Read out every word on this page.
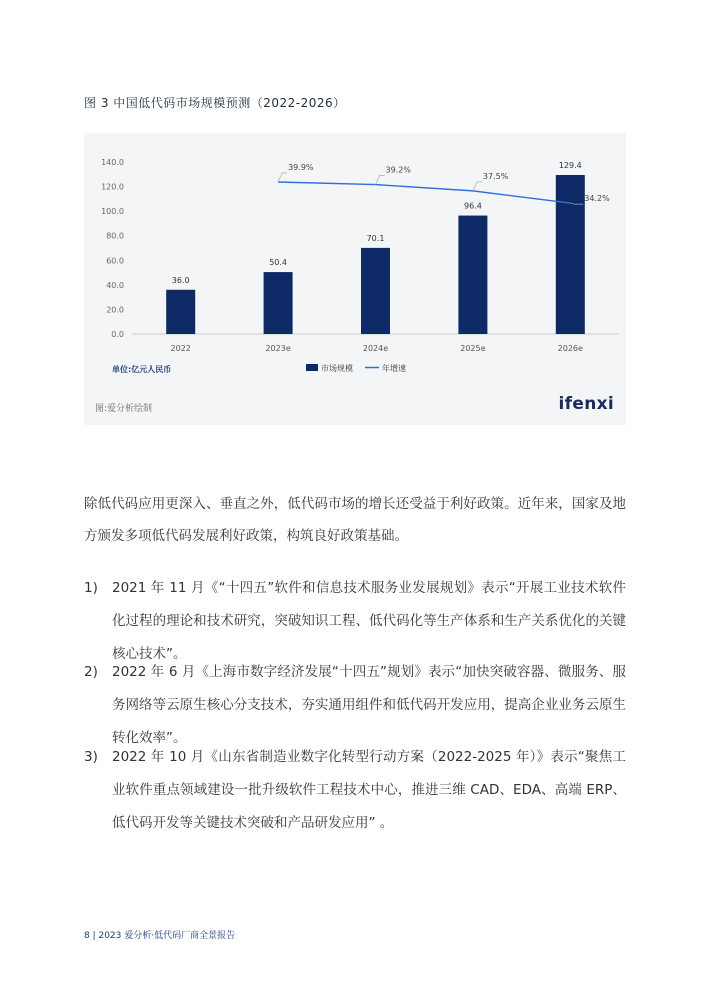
图 3 中国低代码市场规模预测（2022-2026）
140.0
120.0
100.0
80.0
60.0
40.0
20.0
0.0
2022	2023e	2024e	2025e	2026e
36.0
50.4
70.1
96.4
129.4
39.9%	39.2%
37.5%
34.2%
市场规模	年增速
单位:亿元人民币
图:爱分析绘制	ifenxi
除低代码应用更深入、垂直之外，低代码市场的增长还受益于利好政策。近年来，国家及地方颁发多项低代码发展利好政策，构筑良好政策基础。
1) 2021 年 11 月《“十四五”软件和信息技术服务业发展规划》表示“开展工业技术软件化过程的理论和技术研究，突破知识工程、低代码化等生产体系和生产关系优化的关键核心技术”。
2) 2022 年 6 月《上海市数字经济发展“十四五”规划》表示“加快突破容器、微服务、服务网络等云原生核心分支技术，夯实通用组件和低代码开发应用，提高企业业务云原生转化效率”。
3) 2022 年 10 月《山东省制造业数字化转型行动方案（2022-2025 年）》表示“聚焦工业软件重点领域建设一批升级软件工程技术中心，推进三维 CAD、EDA、高端 ERP、低代码开发等关键技术突破和产品研发应用” 。
8 | 2023 爱分析·低代码厂商全景报告
